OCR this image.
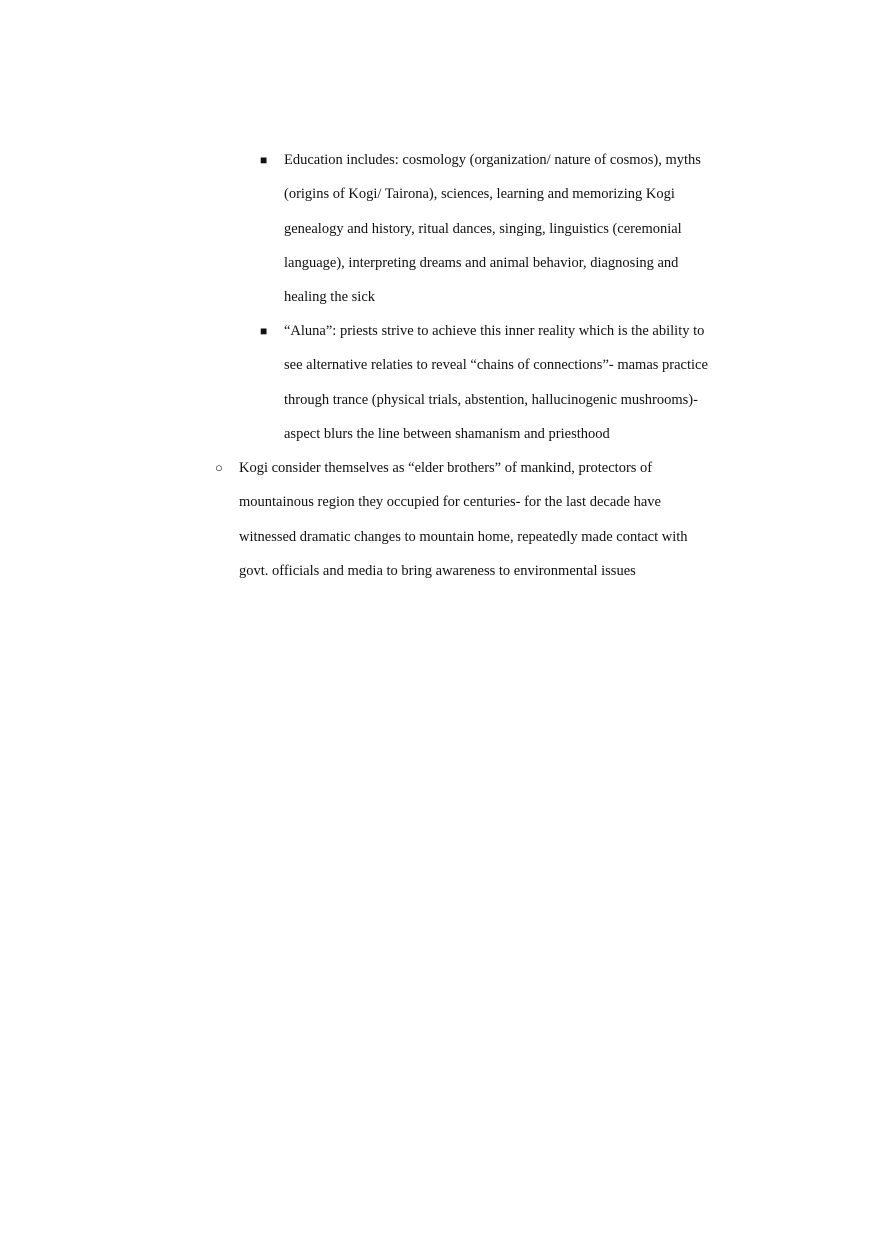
■ Education includes: cosmology (organization/ nature of cosmos), myths (origins of Kogi/ Tairona), sciences, learning and memorizing Kogi genealogy and history, ritual dances, singing, linguistics (ceremonial language), interpreting dreams and animal behavior, diagnosing and healing the sick
■ “Aluna”: priests strive to achieve this inner reality which is the ability to see alternative relaties to reveal “chains of connections”- mamas practice through trance (physical trials, abstention, hallucinogenic mushrooms)- aspect blurs the line between shamanism and priesthood
○ Kogi consider themselves as “elder brothers” of mankind, protectors of mountainous region they occupied for centuries- for the last decade have witnessed dramatic changes to mountain home, repeatedly made contact with govt. officials and media to bring awareness to environmental issues
